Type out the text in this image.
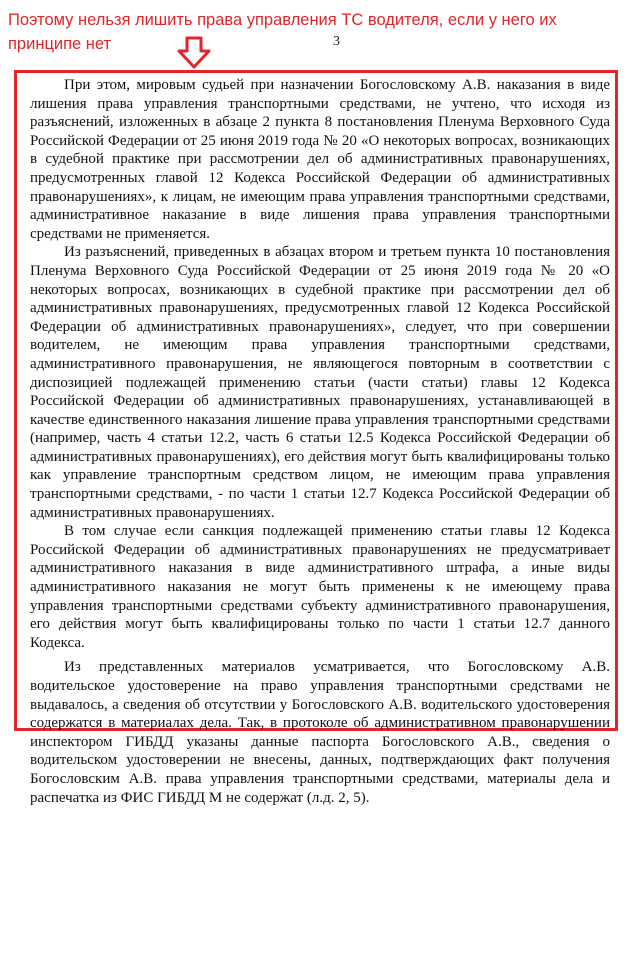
Поэтому нельзя лишить права управления ТС водителя, если у него их принципе нет	3

При этом, мировым судьей при назначении Богословскому А.В. наказания в виде лишения права управления транспортными средствами, не учтено, что исходя из разъяснений, изложенных в абзаце 2 пункта 8 постановления Пленума Верховного Суда Российской Федерации от 25 июня 2019 года № 20 «О некоторых вопросах, возникающих в судебной практике при рассмотрении дел об административных правонарушениях, предусмотренных главой 12 Кодекса Российской Федерации об административных правонарушениях», к лицам, не имеющим права управления транспортными средствами, административное наказание в виде лишения права управления транспортными средствами не применяется.

Из разъяснений, приведенных в абзацах втором и третьем пункта 10 постановления Пленума Верховного Суда Российской Федерации от 25 июня 2019 года № 20 «О некоторых вопросах, возникающих в судебной практике при рассмотрении дел об административных правонарушениях, предусмотренных главой 12 Кодекса Российской Федерации об административных правонарушениях», следует, что при совершении водителем, не имеющим права управления транспортными средствами, административного правонарушения, не являющегося повторным в соответствии с диспозицией подлежащей применению статьи (части статьи) главы 12 Кодекса Российской Федерации об административных правонарушениях, устанавливающей в качестве единственного наказания лишение права управления транспортными средствами (например, часть 4 статьи 12.2, часть 6 статьи 12.5 Кодекса Российской Федерации об административных правонарушениях), его действия могут быть квалифицированы только как управление транспортным средством лицом, не имеющим права управления транспортными средствами, - по части 1 статьи 12.7 Кодекса Российской Федерации об административных правонарушениях.

В том случае если санкция подлежащей применению статьи главы 12 Кодекса Российской Федерации об административных правонарушениях не предусматривает административного наказания в виде административного штрафа, а иные виды административного наказания не могут быть применены к не имеющему права управления транспортными средствами субъекту административного правонарушения, его действия могут быть квалифицированы только по части 1 статьи 12.7 данного Кодекса.

Из представленных материалов усматривается, что Богословскому А.В. водительское удостоверение на право управления транспортными средствами не выдавалось, а сведения об отсутствии у Богословского А.В. водительского удостоверения содержатся в материалах дела. Так, в протоколе об административном правонарушении инспектором ГИБДД указаны данные паспорта Богословского А.В., сведения о водительском удостоверении не внесены, данных, подтверждающих факт получения Богословским А.В. права управления транспортными средствами, материалы дела и распечатка из ФИС ГИБДД М не содержат (л.д. 2, 5).
